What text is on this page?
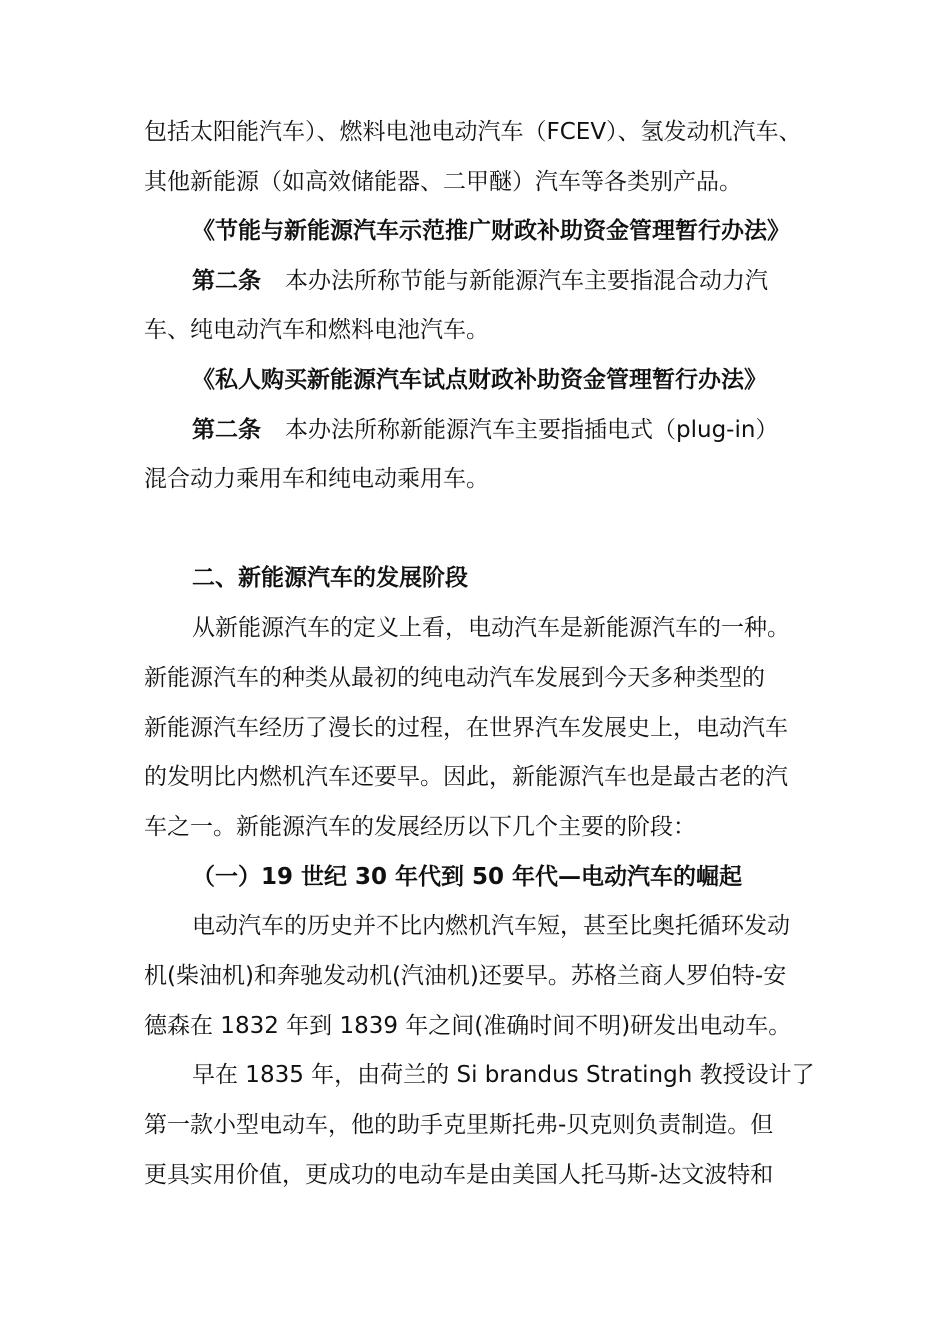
包括太阳能汽车）、燃料电池电动汽车（FCEV）、氢发动机汽车、
其他新能源（如高效储能器、二甲醚）汽车等各类别产品。
《节能与新能源汽车示范推广财政补助资金管理暂行办法》
第二条 本办法所称节能与新能源汽车主要指混合动力汽
车、纯电动汽车和燃料电池汽车。
《私人购买新能源汽车试点财政补助资金管理暂行办法》
第二条 本办法所称新能源汽车主要指插电式（plug-in）
混合动力乘用车和纯电动乘用车。
二、新能源汽车的发展阶段
从新能源汽车的定义上看，电动汽车是新能源汽车的一种。
新能源汽车的种类从最初的纯电动汽车发展到今天多种类型的
新能源汽车经历了漫长的过程，在世界汽车发展史上，电动汽车
的发明比内燃机汽车还要早。因此，新能源汽车也是最古老的汽
车之一。新能源汽车的发展经历以下几个主要的阶段：
（一）19 世纪 30 年代到 50 年代—电动汽车的崛起
电动汽车的历史并不比内燃机汽车短，甚至比奥托循环发动
机(柴油机)和奔驰发动机(汽油机)还要早。苏格兰商人罗伯特-安
德森在 1832 年到 1839 年之间(准确时间不明)研发出电动车。
早在 1835 年，由荷兰的 Si brandus Stratingh 教授设计了
第一款小型电动车，他的助手克里斯托弗-贝克则负责制造。但
更具实用价值，更成功的电动车是由美国人托马斯-达文波特和
